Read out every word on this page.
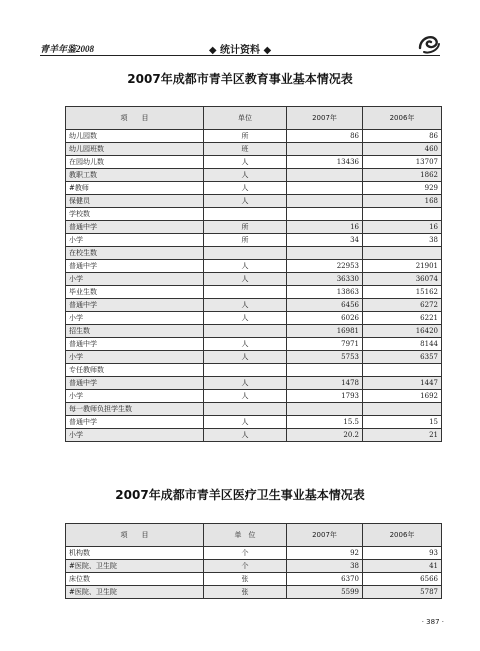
青羊年鉴2008	◆ 统计资料 ◆
2007年成都市青羊区教育事业基本情况表
项　　目	单位	2007年	2006年
幼儿园数	所	86	86
幼儿园班数	班		460
在园幼儿数	人	13436	13707
教职工数	人		1862
#教师	人		929
保健员	人		168
学校数			
普通中学	所	16	16
小学	所	34	38
在校生数			
普通中学	人	22953	21901
小学	人	36330	36074
毕业生数		13863	15162
普通中学	人	6456	6272
小学	人	6026	6221
招生数		16981	16420
普通中学	人	7971	8144
小学	人	5753	6357
专任教师数			
普通中学	人	1478	1447
小学	人	1793	1692
每一教师负担学生数			
普通中学	人	15.5	15
小学	人	20.2	21
2007年成都市青羊区医疗卫生事业基本情况表
项　　目	单　位	2007年	2006年
机构数	个	92	93
#医院、卫生院	个	38	41
床位数	张	6370	6566
#医院、卫生院	张	5599	5787
· 387 ·
